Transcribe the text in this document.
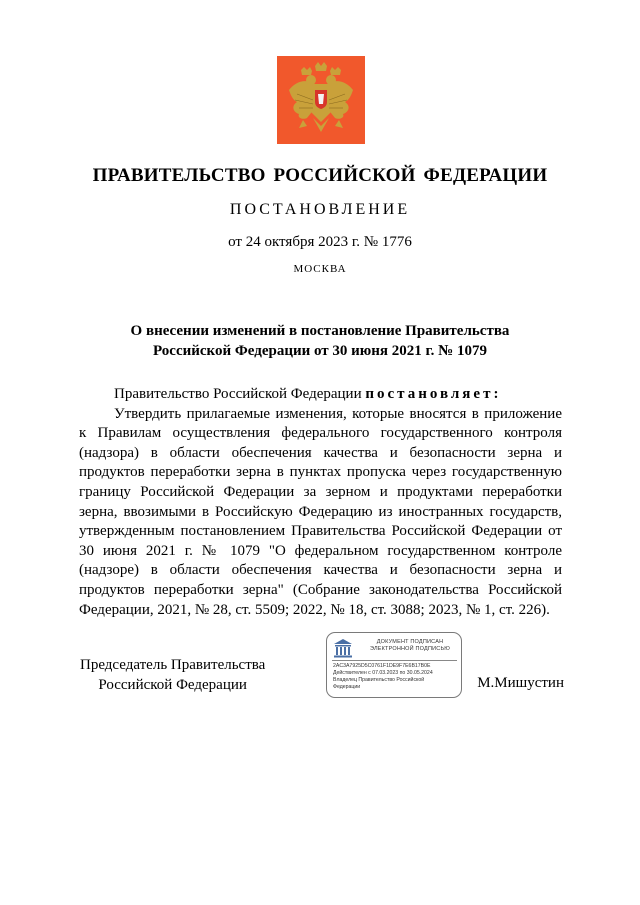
ПРАВИТЕЛЬСТВО РОССИЙСКОЙ ФЕДЕРАЦИИ
ПОСТАНОВЛЕНИЕ
от 24 октября 2023 г. № 1776
МОСКВА
О внесении изменений в постановление Правительства
Российской Федерации от 30 июня 2021 г. № 1079

Правительство Российской Федерации постановляет:

Утвердить прилагаемые изменения, которые вносятся в приложение к Правилам осуществления федерального государственного контроля (надзора) в области обеспечения качества и безопасности зерна и продуктов переработки зерна в пунктах пропуска через государственную границу Российской Федерации за зерном и продуктами переработки зерна, ввозимыми в Российскую Федерацию из иностранных государств, утвержденным постановлением Правительства Российской Федерации от 30 июня 2021 г. № 1079 "О федеральном государственном контроле (надзоре) в области обеспечения качества и безопасности зерна и продуктов переработки зерна" (Собрание законодательства Российской Федерации, 2021, № 28, ст. 5509; 2022, № 18, ст. 3088; 2023, № 1, ст. 226).

Председатель Правительства
Российской Федерации
ДОКУМЕНТ ПОДПИСАН
ЭЛЕКТРОННОЙ ПОДПИСЬЮ
2AC3A7925D5C0761F1DE9F7E6B17B0E
Действителен с 07.03.2023 по 30.05.2024
Владелец Правительство Российской
Федерации	М.Мишустин
